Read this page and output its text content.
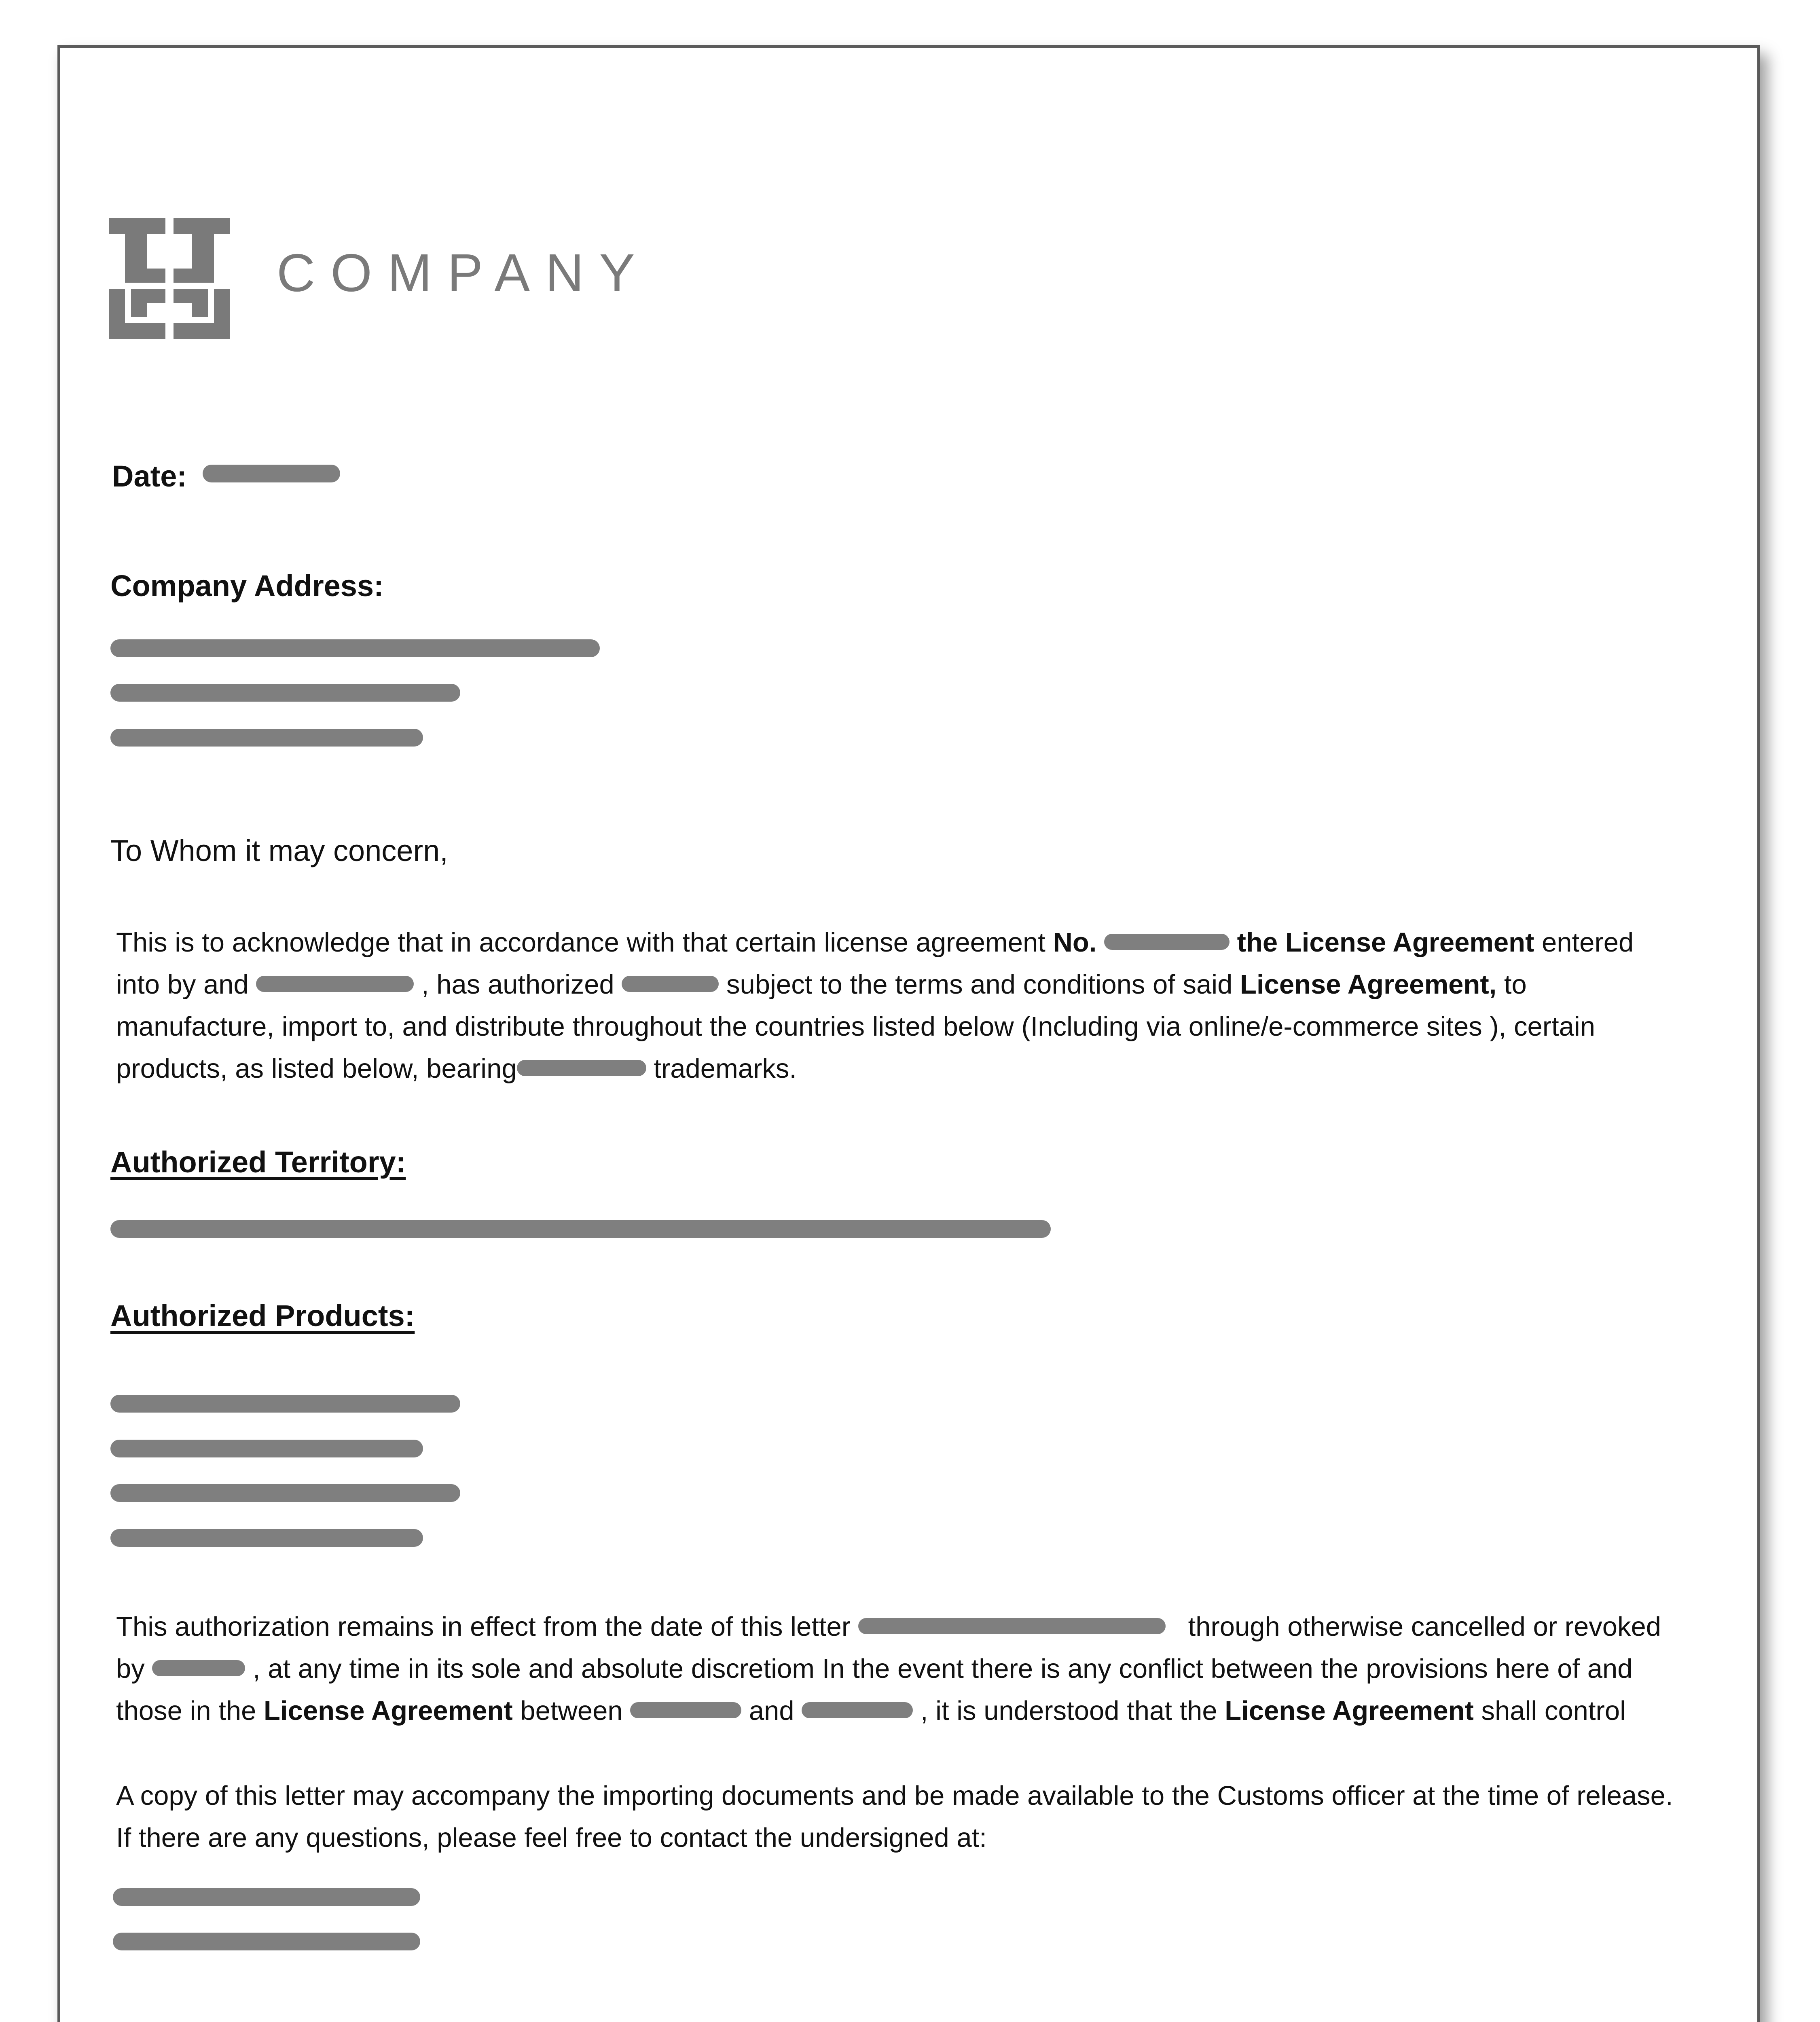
COMPANY
Date:
Company Address:
To Whom it may concern,
This is to acknowledge that in accordance with that certain license agreement No.	the License Agreement entered
into by and	, has authorized	subject to the terms and conditions of said License Agreement, to
manufacture, import to, and distribute throughout the countries listed below (Including via online/e-commerce sites ), certain
products, as listed below, bearing	trademarks.
Authorized Territory:
Authorized Products:
This authorization remains in effect from the date of this letter	through otherwise cancelled or revoked
by	, at any time in its sole and absolute discretiom In the event there is any conflict between the provisions here of and
those in the License Agreement between	and	, it is understood that the License Agreement shall control
A copy of this letter may accompany the importing documents and be made available to the Customs officer at the time of release.
If there are any questions, please feel free to contact the undersigned at:
